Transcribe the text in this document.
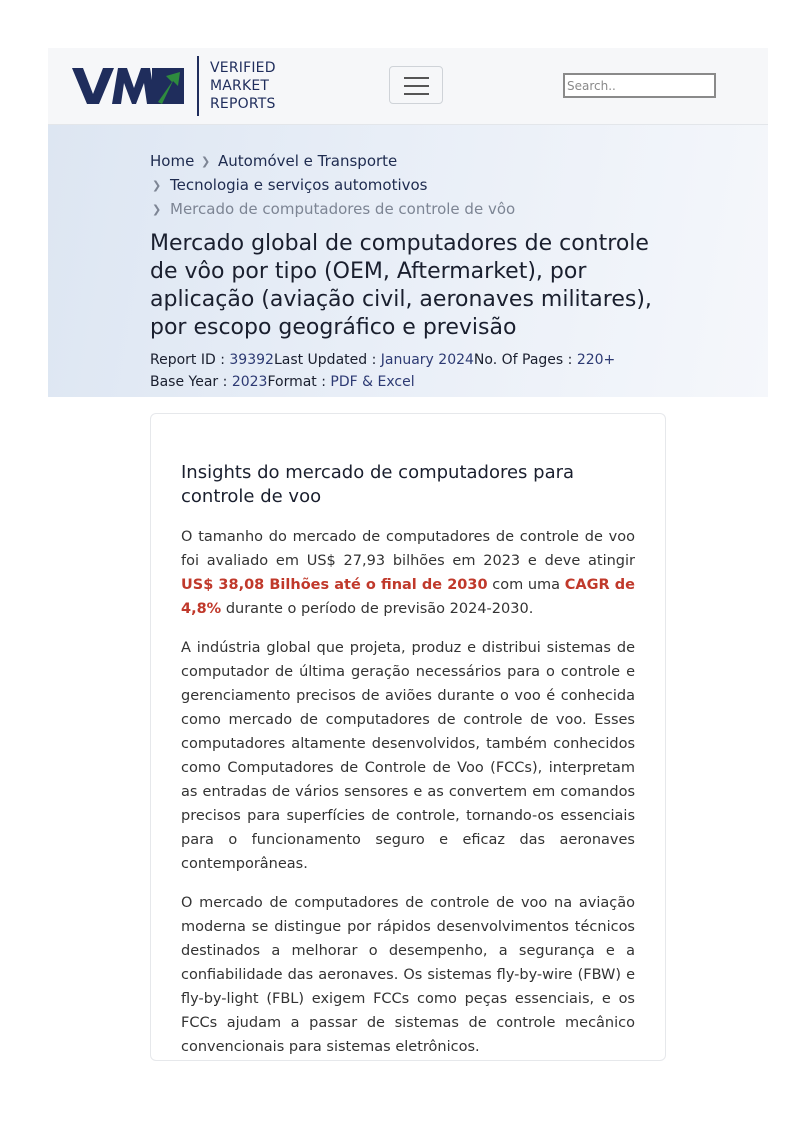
VERIFIED
MARKET
REPORTS
Search..
Home ❯ Automóvel e Transporte
❯ Tecnologia e serviços automotivos
❯ Mercado de computadores de controle de vôo
Mercado global de computadores de controle de vôo por tipo (OEM, Aftermarket), por aplicação (aviação civil, aeronaves militares), por escopo geográfico e previsão
Report ID : 39392Last Updated : January 2024No. Of Pages : 220+
Base Year : 2023Format : PDF & Excel
Insights do mercado de computadores para controle de voo

O tamanho do mercado de computadores de controle de voo foi avaliado em US$ 27,93 bilhões em 2023 e deve atingir US$ 38,08 Bilhões até o final de 2030 com uma CAGR de 4,8% durante o período de previsão 2024-2030.

A indústria global que projeta, produz e distribui sistemas de computador de última geração necessários para o controle e gerenciamento precisos de aviões durante o voo é conhecida como mercado de computadores de controle de voo. Esses computadores altamente desenvolvidos, também conhecidos como Computadores de Controle de Voo (FCCs), interpretam as entradas de vários sensores e as convertem em comandos precisos para superfícies de controle, tornando-os essenciais para o funcionamento seguro e eficaz das aeronaves contemporâneas.

O mercado de computadores de controle de voo na aviação moderna se distingue por rápidos desenvolvimentos técnicos destinados a melhorar o desempenho, a segurança e a confiabilidade das aeronaves. Os sistemas fly-by-wire (FBW) e fly-by-light (FBL) exigem FCCs como peças essenciais, e os FCCs ajudam a passar de sistemas de controle mecânico convencionais para sistemas eletrônicos.
